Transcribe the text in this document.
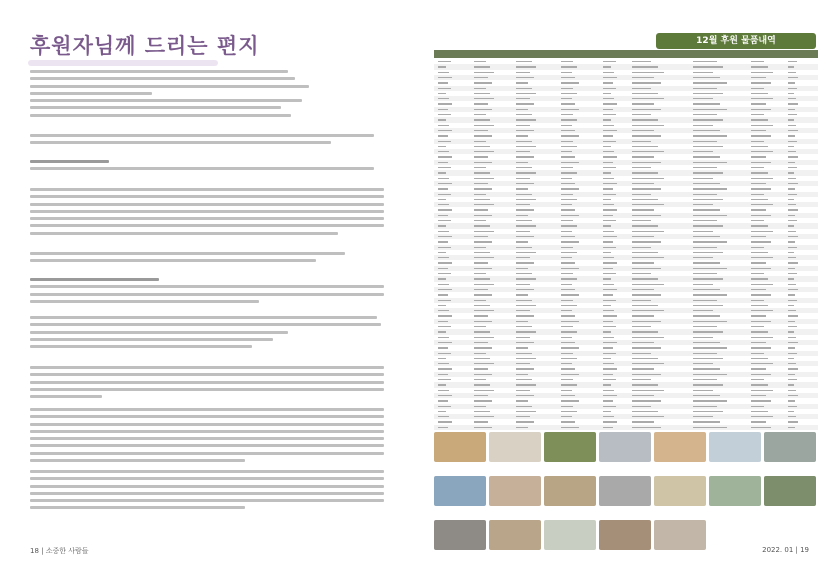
후원자님께 드리는 편지
18 | 소중한 사람들
12월 후원 물품내역
2022. 01 | 19
